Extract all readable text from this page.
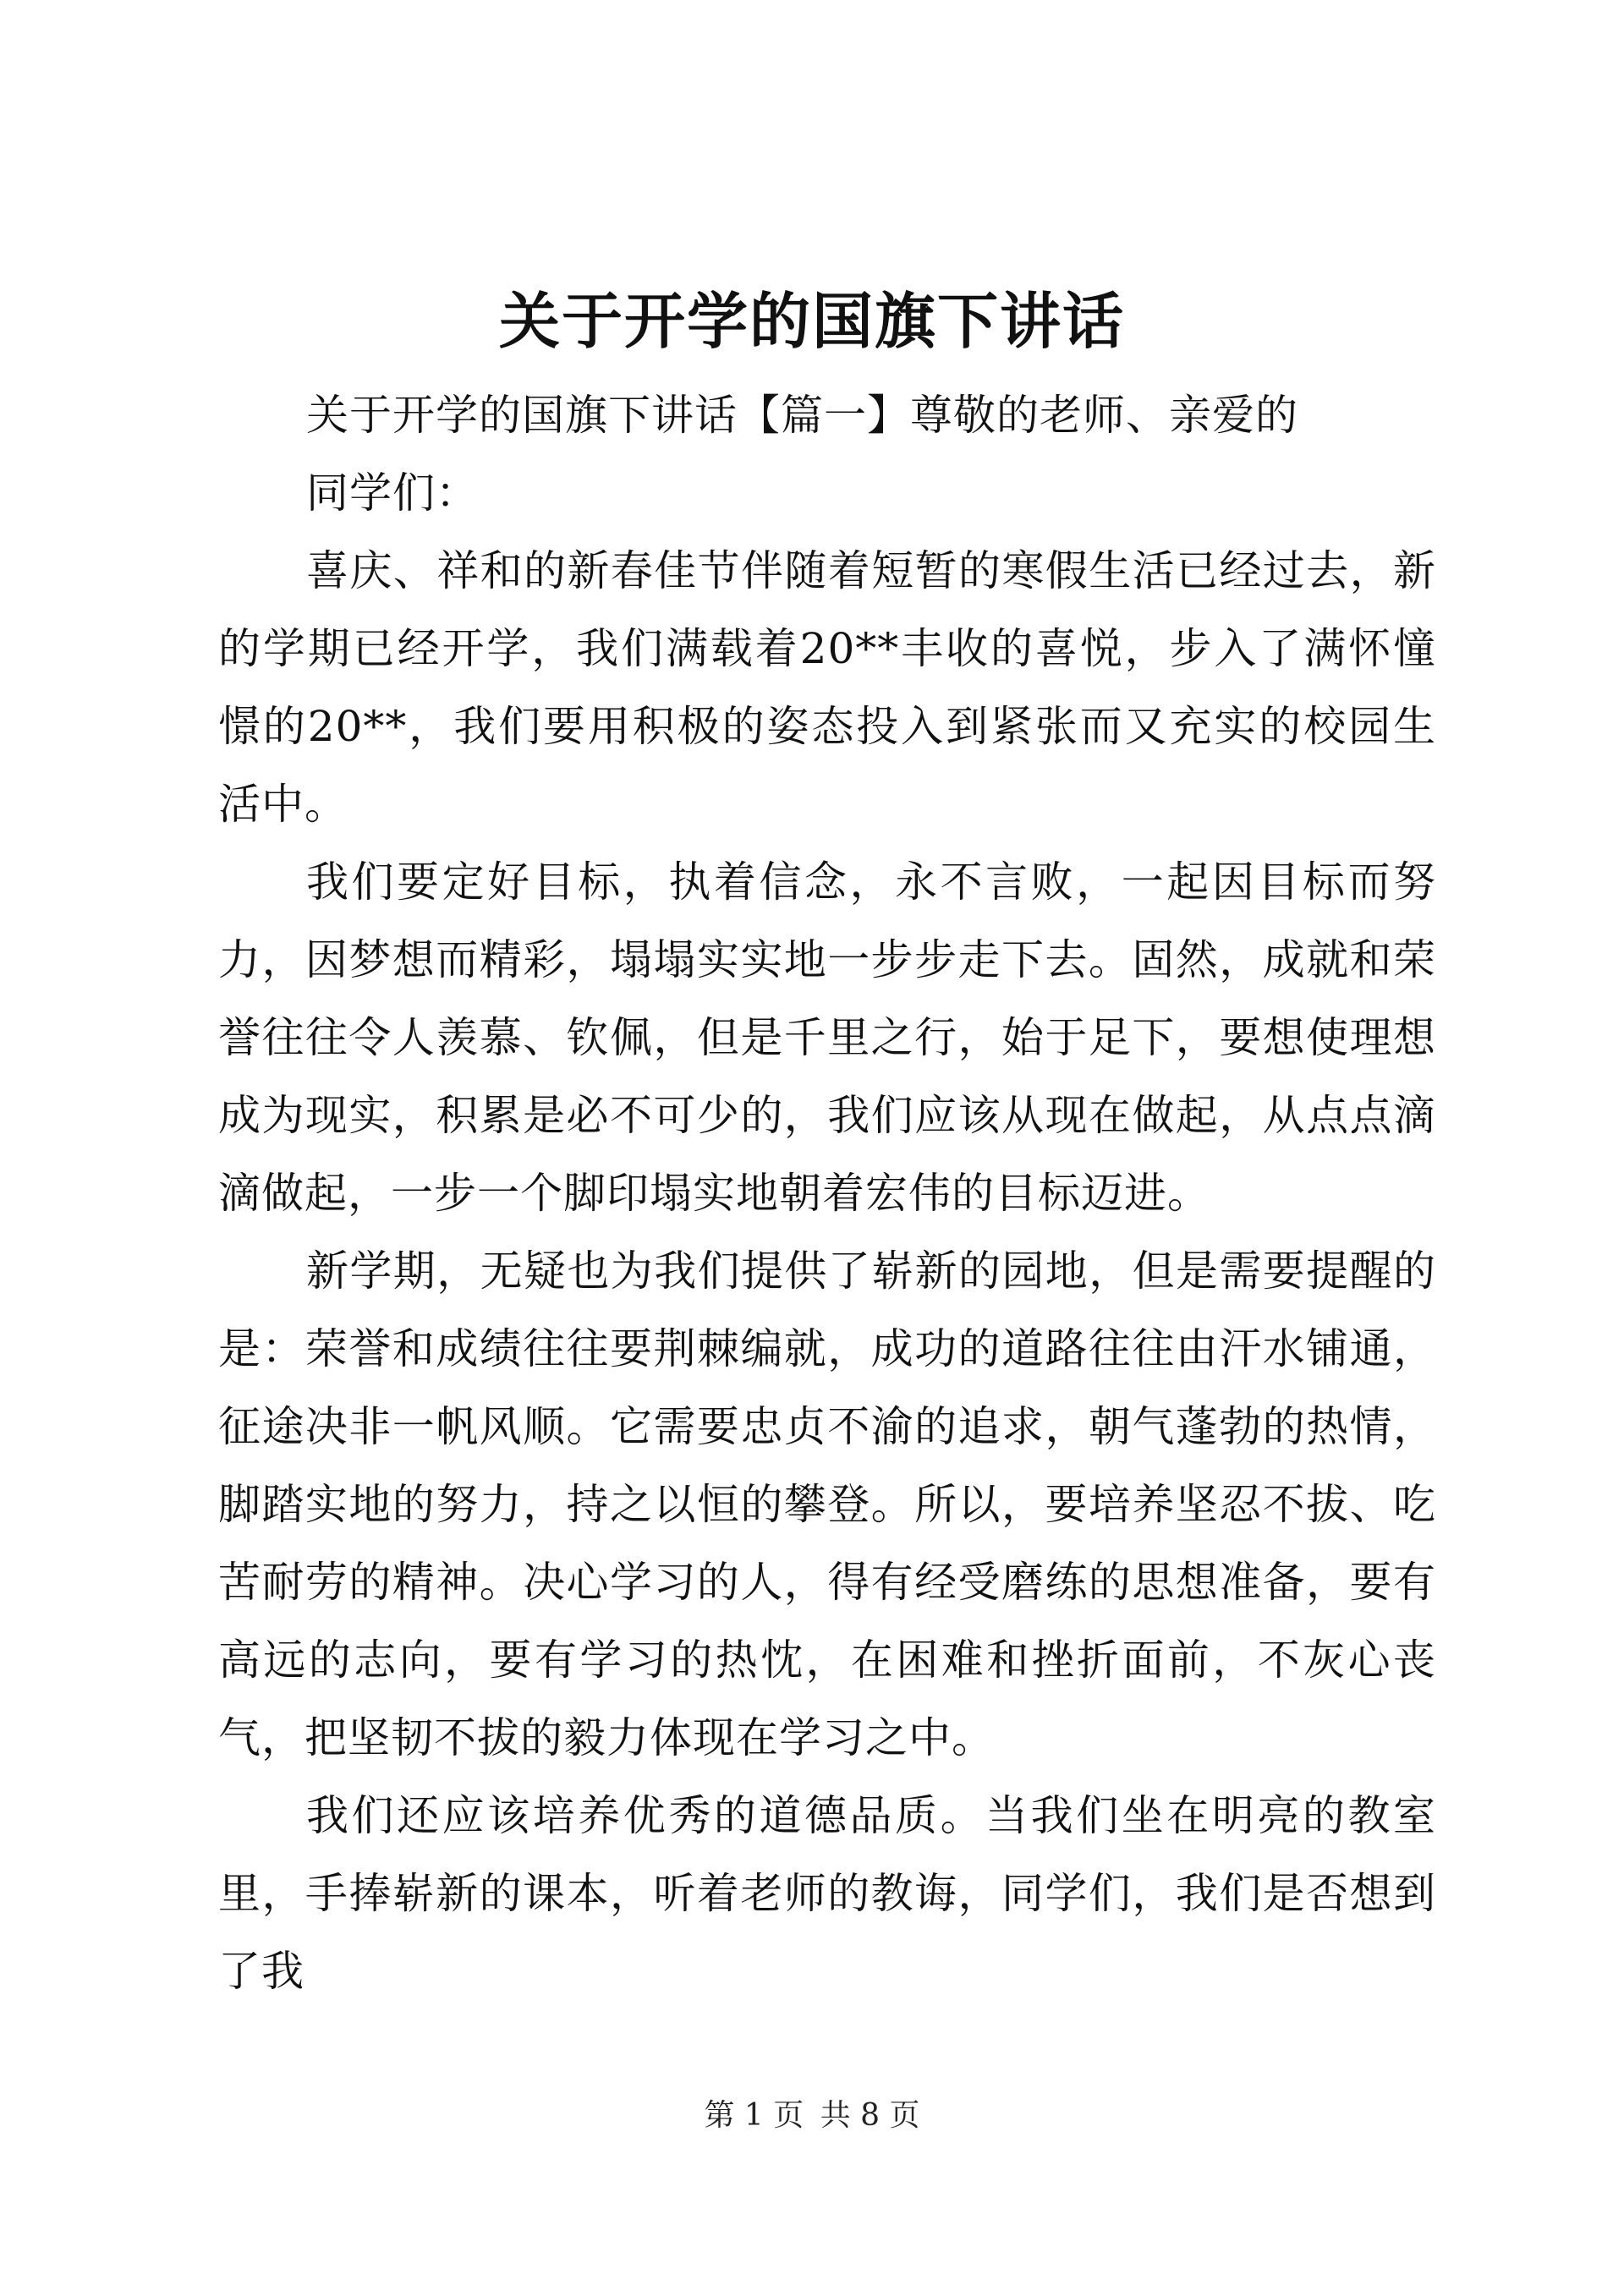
关于开学的国旗下讲话

关于开学的国旗下讲话【篇一】尊敬的老师、亲爱的

同学们：

喜庆、祥和的新春佳节伴随着短暂的寒假生活已经过去，新的学期已经开学，我们满载着20**丰收的喜悦，步入了满怀憧憬的20**，我们要用积极的姿态投入到紧张而又充实的校园生活中。

我们要定好目标，执着信念，永不言败，一起因目标而努力，因梦想而精彩，塌塌实实地一步步走下去。固然，成就和荣誉往往令人羡慕、钦佩，但是千里之行，始于足下，要想使理想成为现实，积累是必不可少的，我们应该从现在做起，从点点滴滴做起，一步一个脚印塌实地朝着宏伟的目标迈进。

新学期，无疑也为我们提供了崭新的园地，但是需要提醒的是：荣誉和成绩往往要荆棘编就，成功的道路往往由汗水铺通，征途决非一帆风顺。它需要忠贞不渝的追求，朝气蓬勃的热情，脚踏实地的努力，持之以恒的攀登。所以，要培养坚忍不拔、吃苦耐劳的精神。决心学习的人，得有经受磨练的思想准备，要有高远的志向，要有学习的热忱，在困难和挫折面前，不灰心丧气，把坚韧不拔的毅力体现在学习之中。

我们还应该培养优秀的道德品质。当我们坐在明亮的教室里，手捧崭新的课本，听着老师的教诲，同学们，我们是否想到了我

第 1 页 共 8 页
